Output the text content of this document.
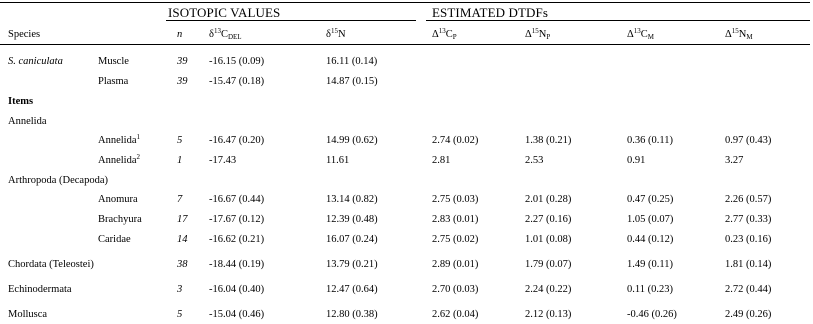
ISOTOPIC VALUES	ESTIMATED DTDFs
Species	n	$\delta^{13}C_{DEL}$	$\delta^{15}N$	$\Delta^{13}C_P$	$\Delta^{15}N_P$	$\Delta^{13}C_M$	$\Delta^{15}N_M$
S. caniculata	Muscle	39 -16.15 (0.09)	16.11 (0.14)
Plasma	39 -15.47 (0.18)	14.87 (0.15)
Items
Annelida
Annelida$^1$	5	-16.47 (0.20)	14.99 (0.62)	2.74 (0.02)	1.38 (0.21)	0.36 (0.11)	0.97 (0.43)
Annelida$^2$	1	-17.43	11.61	2.81	2.53	0.91	3.27
Arthropoda (Decapoda)
Anomura	7	-16.67 (0.44)	13.14 (0.82)	2.75 (0.03)	2.01 (0.28)	0.47 (0.25)	2.26 (0.57)
Brachyura	17 -17.67 (0.12)	12.39 (0.48)	2.83 (0.01)	2.27 (0.16)	1.05 (0.07)	2.77 (0.33)
Caridae	14 -16.62 (0.21)	16.07 (0.24)	2.75 (0.02)	1.01 (0.08)	0.44 (0.12)	0.23 (0.16)
Chordata (Teleostei)	38 -18.44 (0.19)	13.79 (0.21)	2.89 (0.01)	1.79 (0.07)	1.49 (0.11)	1.81 (0.14)
Echinodermata	3	-16.04 (0.40)	12.47 (0.64)	2.70 (0.03)	2.24 (0.22)	0.11 (0.23)	2.72 (0.44)
Mollusca	5	-15.04 (0.46)	12.80 (0.38)	2.62 (0.04)	2.12 (0.13)	-0.46 (0.26)	2.49 (0.26)
